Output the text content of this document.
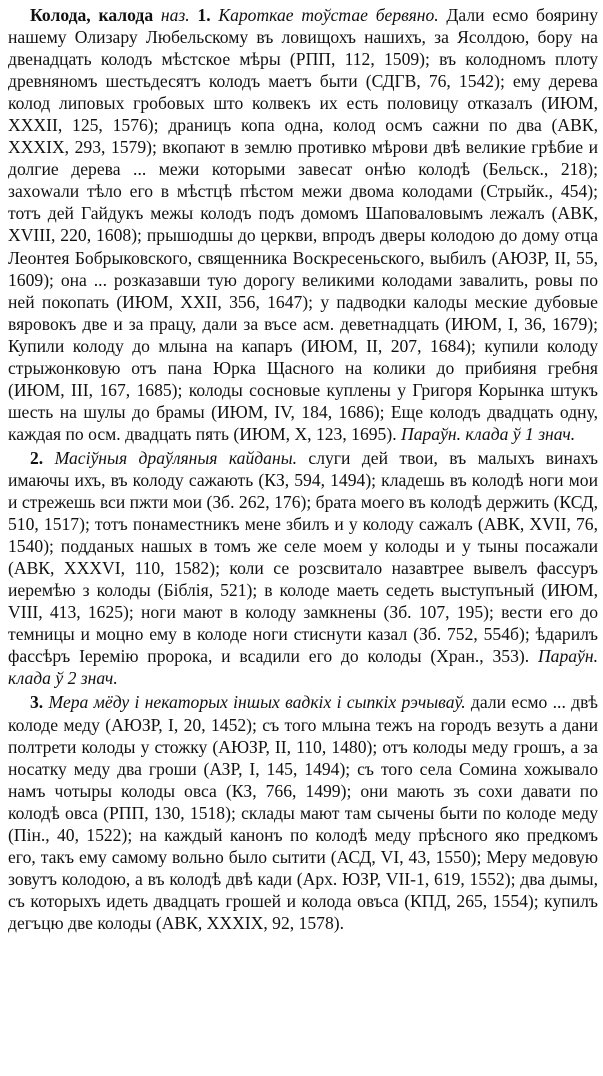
Колода, калода наз. 1. Кароткае тоўстае бервяно. Дали есмо боярину нашему Олизару Любельскому въ ловищохъ нашихъ, за Ясолдою, бору на двенадцать колодъ мѣстское мѣры (РПП, 112, 1509); въ колодномъ плоту древняномъ шестьдесятъ колодъ маетъ быти (СДГВ, 76, 1542); ему дерева колод липовых гробовых што колвекъ их есть половицу отказалъ (ИЮМ, XXXII, 125, 1576); драницъ копа одна, колод осмъ сажни по два (АВК, XXXIX, 293, 1579); вкопают в землю противко мѣрови двѣ великие грѣбие и долгие дерева ... межи которыми завесат онѣю колодѣ (Бельск., 218); захowали тѣло его в мѣстцѣ пѣстом межи двома колодами (Стрыйк., 454); тотъ дей Гайдукъ межы колодъ подъ домомъ Шаповаловымъ лежалъ (АВК, XVIII, 220, 1608); прышодшы до церкви, впродъ дверы колодою до дому отца Леонтея Бобрыковского, священника Воскресеньского, выбилъ (АЮЗР, II, 55, 1609); она ... розказавши тую дорогу великими колодами завалить, ровы по ней покопать (ИЮМ, XXII, 356, 1647); у падводки калоды меские дубовые вяровокъ две и за працу, дали за въсе асм. деветнадцать (ИЮМ, I, 36, 1679); Купили колоду до млына на капаръ (ИЮМ, II, 207, 1684); купили колоду стрыжонковую отъ пана Юрка Щасного на колики до прибияня гребня (ИЮМ, III, 167, 1685); колоды сосновые куплены у Григоря Корынка штукъ шесть на шулы до брамы (ИЮМ, IV, 184, 1686); Еще колодъ двадцать одну, каждая по осм. двадцать пять (ИЮМ, X, 123, 1695). Параўн. клада ў 1 знач.

2. Масіўныя драўляныя кайданы. слуги дей твои, въ малыхъ винахъ имаючы ихъ, въ колоду сажають (КЗ, 594, 1494); кладешь въ колодѣ ноги мои и стрежешь вси пжти мои (Зб. 262, 176); брата моего въ колодѣ держить (КСД, 510, 1517); тотъ понаместникъ мене збилъ и у колоду сажалъ (АВК, XVII, 76, 1540); подданых нашых в томъ же селе моем у колоды и у тыны посажали (АВК, XXXVI, 110, 1582); коли се розсвитало назавтрее вывелъ фассуръ иеремѣю з колоды (Біблія, 521); в колоде маеть седеть выступъный (ИЮМ, VIII, 413, 1625); ноги мают в колоду замкнены (Зб. 107, 195); вести его до темницы и моцно ему в колоде ноги стиснути казал (Зб. 752, 554б); ѣдарилъ фассѣръ Іеремію пророка, и всадили его до колоды (Хран., 353). Параўн. клада ў 2 знач.

3. Мера мёду і некаторых іншых вадкіх і сыпкіх рэчываў. дали есмо ... двѣ колоде меду (АЮЗР, I, 20, 1452); съ того млына тежъ на городъ везуть а дани полтрети колоды у стожку (АЮЗР, II, 110, 1480); отъ колоды меду грошъ, а за носатку меду два гроши (АЗР, I, 145, 1494); съ того села Сомина хожывало намъ чотыры колоды овса (КЗ, 766, 1499); они мають зъ сохи давати по колодѣ овса (РПП, 130, 1518); склады мают там сычены быти по колоде меду (Пін., 40, 1522); на каждый канонъ по колодѣ меду прѣсного яко предкомъ его, такъ ему самому вольно было сытити (АСД, VI, 43, 1550); Меру медовую зовутъ колодою, а въ колодѣ двѣ кади (Арх. ЮЗР, VII-1, 619, 1552); два дымы, съ которыхъ идеть двадцать грошей и колода овъса (КПД, 265, 1554); купилъ дегъцю две колоды (АВК, XXXIX, 92, 1578).
